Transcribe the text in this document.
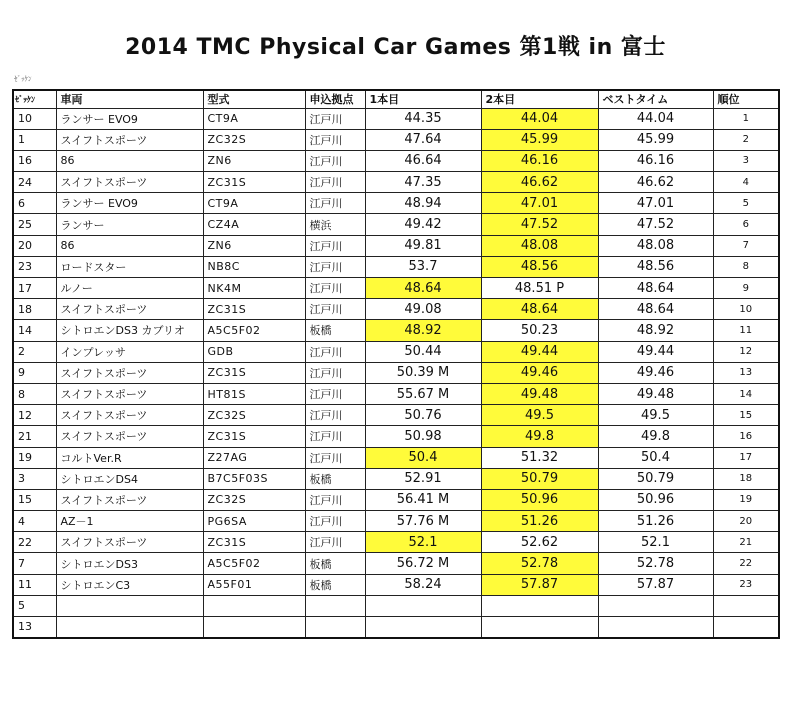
2014 TMC Physical Car Games 第1戦 in 富士
ｾﾞｯｹﾝ
ｾﾞｯｹﾝ	車両	型式	申込拠点	1本目	2本目	ベストタイム	順位
10	ランサー EVO9	CT9A	江戸川	44.35	44.04	44.04	1
1	スイフトスポーツ	ZC32S	江戸川	47.64	45.99	45.99	2
16	86	ZN6	江戸川	46.64	46.16	46.16	3
24	スイフトスポーツ	ZC31S	江戸川	47.35	46.62	46.62	4
6	ランサー EVO9	CT9A	江戸川	48.94	47.01	47.01	5
25	ランサー	CZ4A	横浜	49.42	47.52	47.52	6
20	86	ZN6	江戸川	49.81	48.08	48.08	7
23	ロードスター	NB8C	江戸川	53.7	48.56	48.56	8
17	ルノー	NK4M	江戸川	48.64	48.51 P	48.64	9
18	スイフトスポーツ	ZC31S	江戸川	49.08	48.64	48.64	10
14	シトロエンDS3 カブリオ	A5C5F02	板橋	48.92	50.23	48.92	11
2	インプレッサ	GDB	江戸川	50.44	49.44	49.44	12
9	スイフトスポーツ	ZC31S	江戸川	50.39 M	49.46	49.46	13
8	スイフトスポーツ	HT81S	江戸川	55.67 M	49.48	49.48	14
12	スイフトスポーツ	ZC32S	江戸川	50.76	49.5	49.5	15
21	スイフトスポーツ	ZC31S	江戸川	50.98	49.8	49.8	16
19	コルトVer.R	Z27AG	江戸川	50.4	51.32	50.4	17
3	シトロエンDS4	B7C5F03S	板橋	52.91	50.79	50.79	18
15	スイフトスポーツ	ZC32S	江戸川	56.41 M	50.96	50.96	19
4	AZ－1	PG6SA	江戸川	57.76 M	51.26	51.26	20
22	スイフトスポーツ	ZC31S	江戸川	52.1	52.62	52.1	21
7	シトロエンDS3	A5C5F02	板橋	56.72 M	52.78	52.78	22
11	シトロエンC3	A55F01	板橋	58.24	57.87	57.87	23
5							
13							
